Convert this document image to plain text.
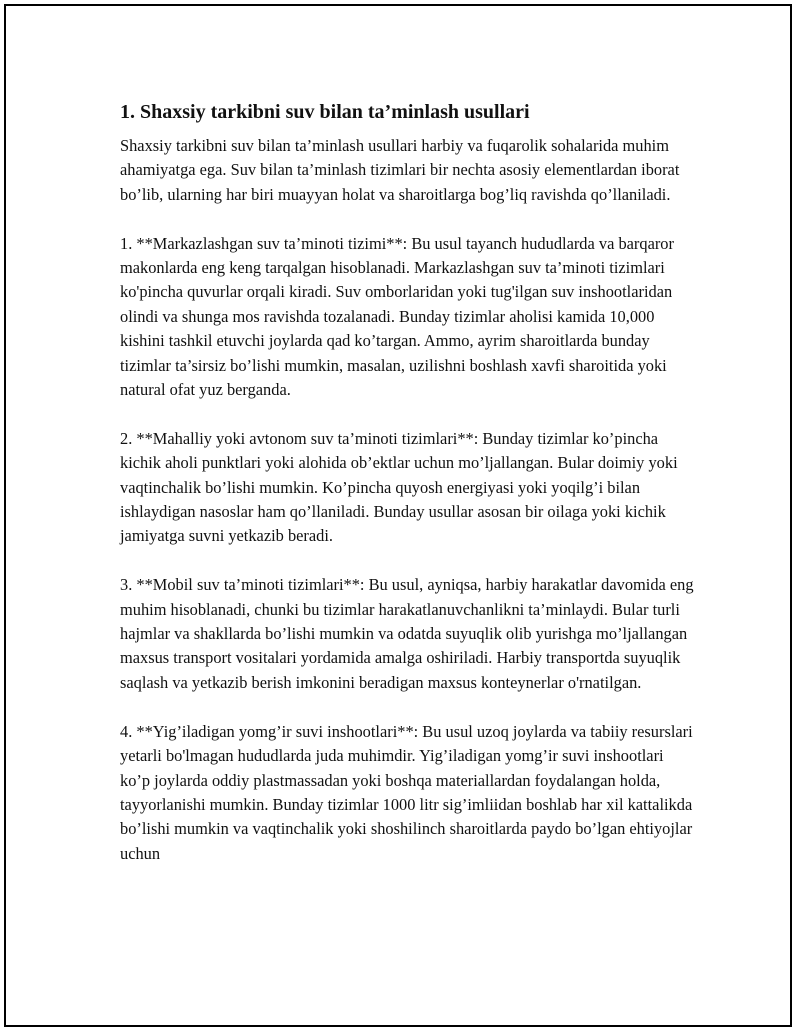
1. Shaxsiy tarkibni suv bilan ta’minlash usullari

Shaxsiy tarkibni suv bilan ta’minlash usullari harbiy va fuqarolik sohalarida muhim ahamiyatga ega. Suv bilan ta’minlash tizimlari bir nechta asosiy elementlardan iborat bo’lib, ularning har biri muayyan holat va sharoitlarga bog’liq ravishda qo’llaniladi.

1. **Markazlashgan suv ta’minoti tizimi**: Bu usul tayanch hududlarda va barqaror makonlarda eng keng tarqalgan hisoblanadi. Markazlashgan suv ta’minoti tizimlari ko'pincha quvurlar orqali kiradi. Suv omborlaridan yoki tug'ilgan suv inshootlaridan olindi va shunga mos ravishda tozalanadi. Bunday tizimlar aholisi kamida 10,000 kishini tashkil etuvchi joylarda qad ko’targan. Ammo, ayrim sharoitlarda bunday tizimlar ta’sirsiz bo’lishi mumkin, masalan, uzilishni boshlash xavfi sharoitida yoki natural ofat yuz berganda.

2. **Mahalliy yoki avtonom suv ta’minoti tizimlari**: Bunday tizimlar ko’pincha kichik aholi punktlari yoki alohida ob’ektlar uchun mo’ljallangan. Bular doimiy yoki vaqtinchalik bo’lishi mumkin. Ko’pincha quyosh energiyasi yoki yoqilg’i bilan ishlaydigan nasoslar ham qo’llaniladi. Bunday usullar asosan bir oilaga yoki kichik jamiyatga suvni yetkazib beradi.

3. **Mobil suv ta’minoti tizimlari**: Bu usul, ayniqsa, harbiy harakatlar davomida eng muhim hisoblanadi, chunki bu tizimlar harakatlanuvchanlikni ta’minlaydi. Bular turli hajmlar va shakllarda bo’lishi mumkin va odatda suyuqlik olib yurishga mo’ljallangan maxsus transport vositalari yordamida amalga oshiriladi. Harbiy transportda suyuqlik saqlash va yetkazib berish imkonini beradigan maxsus konteynerlar o'rnatilgan.

4. **Yig’iladigan yomg’ir suvi inshootlari**: Bu usul uzoq joylarda va tabiiy resurslari yetarli bo'lmagan hududlarda juda muhimdir. Yig’iladigan yomg’ir suvi inshootlari ko’p joylarda oddiy plastmassadan yoki boshqa materiallardan foydalangan holda, tayyorlanishi mumkin. Bunday tizimlar 1000 litr sig’imliidan boshlab har xil kattalikda bo’lishi mumkin va vaqtinchalik yoki shoshilinch sharoitlarda paydo bo’lgan ehtiyojlar uchun
